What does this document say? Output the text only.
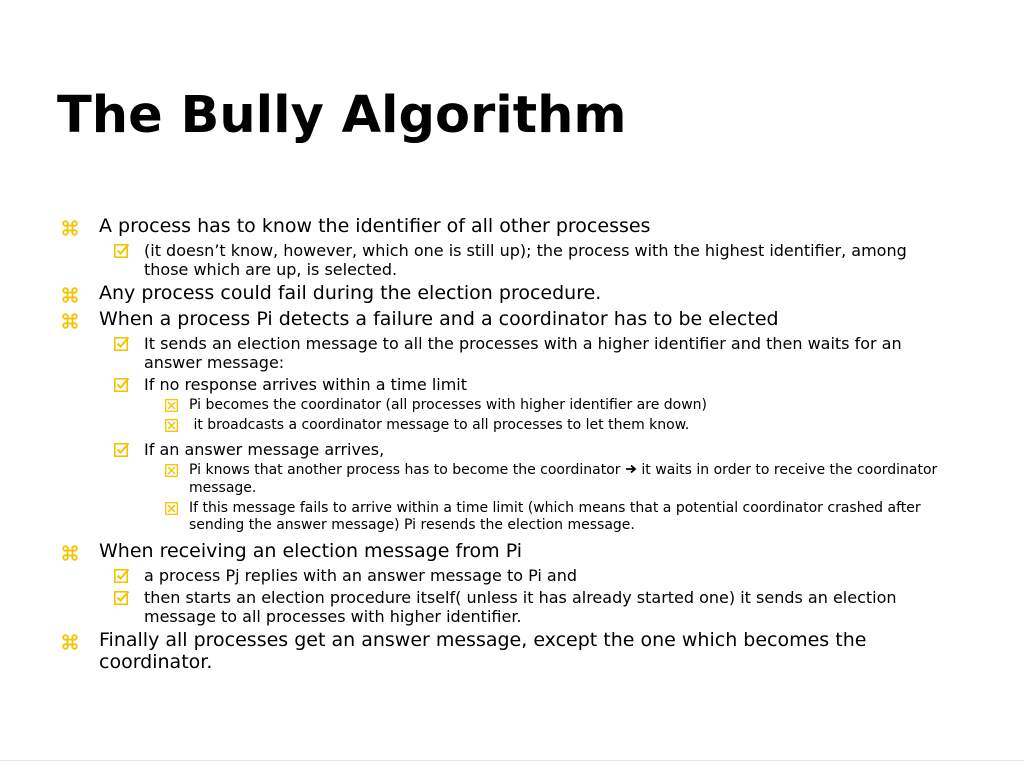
The Bully Algorithm
A process has to know the identifier of all other processes
(it doesn’t know, however, which one is still up); the process with the highest identifier, among those which are up, is selected.
Any process could fail during the election procedure.
When a process Pi detects a failure and a coordinator has to be elected
It sends an election message to all the processes with a higher identifier and then waits for an answer message:
If no response arrives within a time limit
Pi becomes the coordinator (all processes with higher identifier are down)
it broadcasts a coordinator message to all processes to let them know.
If an answer message arrives,
Pi knows that another process has to become the coordinator  it waits in order to receive the coordinator message.
If this message fails to arrive within a time limit (which means that a potential coordinator crashed after sending the answer message) Pi resends the election message.
When receiving an election message from Pi
a process Pj replies with an answer message to Pi and
then starts an election procedure itself( unless it has already started one) it sends an election message to all processes with higher identifier.
Finally all processes get an answer message, except the one which becomes the coordinator.
